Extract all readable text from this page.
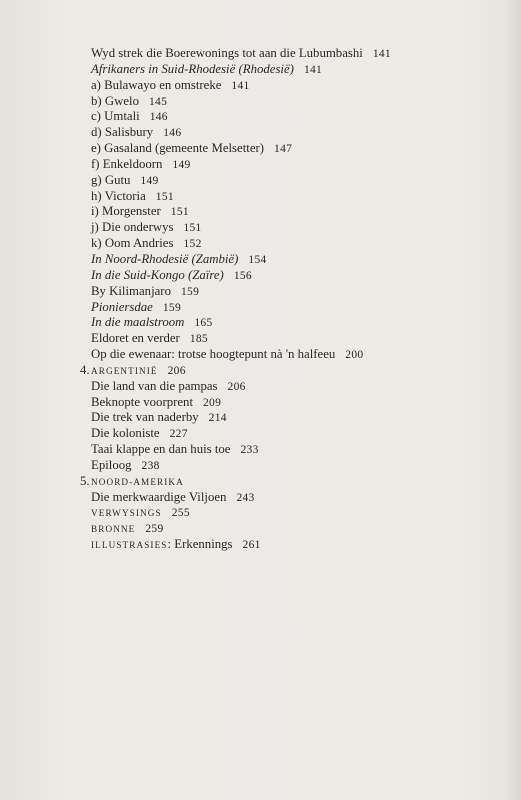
Wyd strek die Boerewonings tot aan die Lubumbashi 141
Afrikaners in Suid-Rhodesië (Rhodesië) 141
a) Bulawayo en omstreke 141
b) Gwelo 145
c) Umtali 146
d) Salisbury 146
e) Gasaland (gemeente Melsetter) 147
f) Enkeldoorn 149
g) Gutu 149
h) Victoria 151
i) Morgenster 151
j) Die onderwys 151
k) Oom Andries 152
In Noord-Rhodesië (Zambië) 154
In die Suid-Kongo (Zaïre) 156
By Kilimanjaro 159
Pioniersdae 159
In die maalstroom 165
Eldoret en verder 185
Op die ewenaar: trotse hoogtepunt nà 'n halfeeu 200
4.ARGENTINIË 206
Die land van die pampas 206
Beknopte voorprent 209
Die trek van naderby 214
Die koloniste 227
Taai klappe en dan huis toe 233
Epiloog 238
5.NOORD-AMERIKA
Die merkwaardige Viljoen 243
VERWYSINGS 255
BRONNE 259
ILLUSTRASIES: Erkennings 261
